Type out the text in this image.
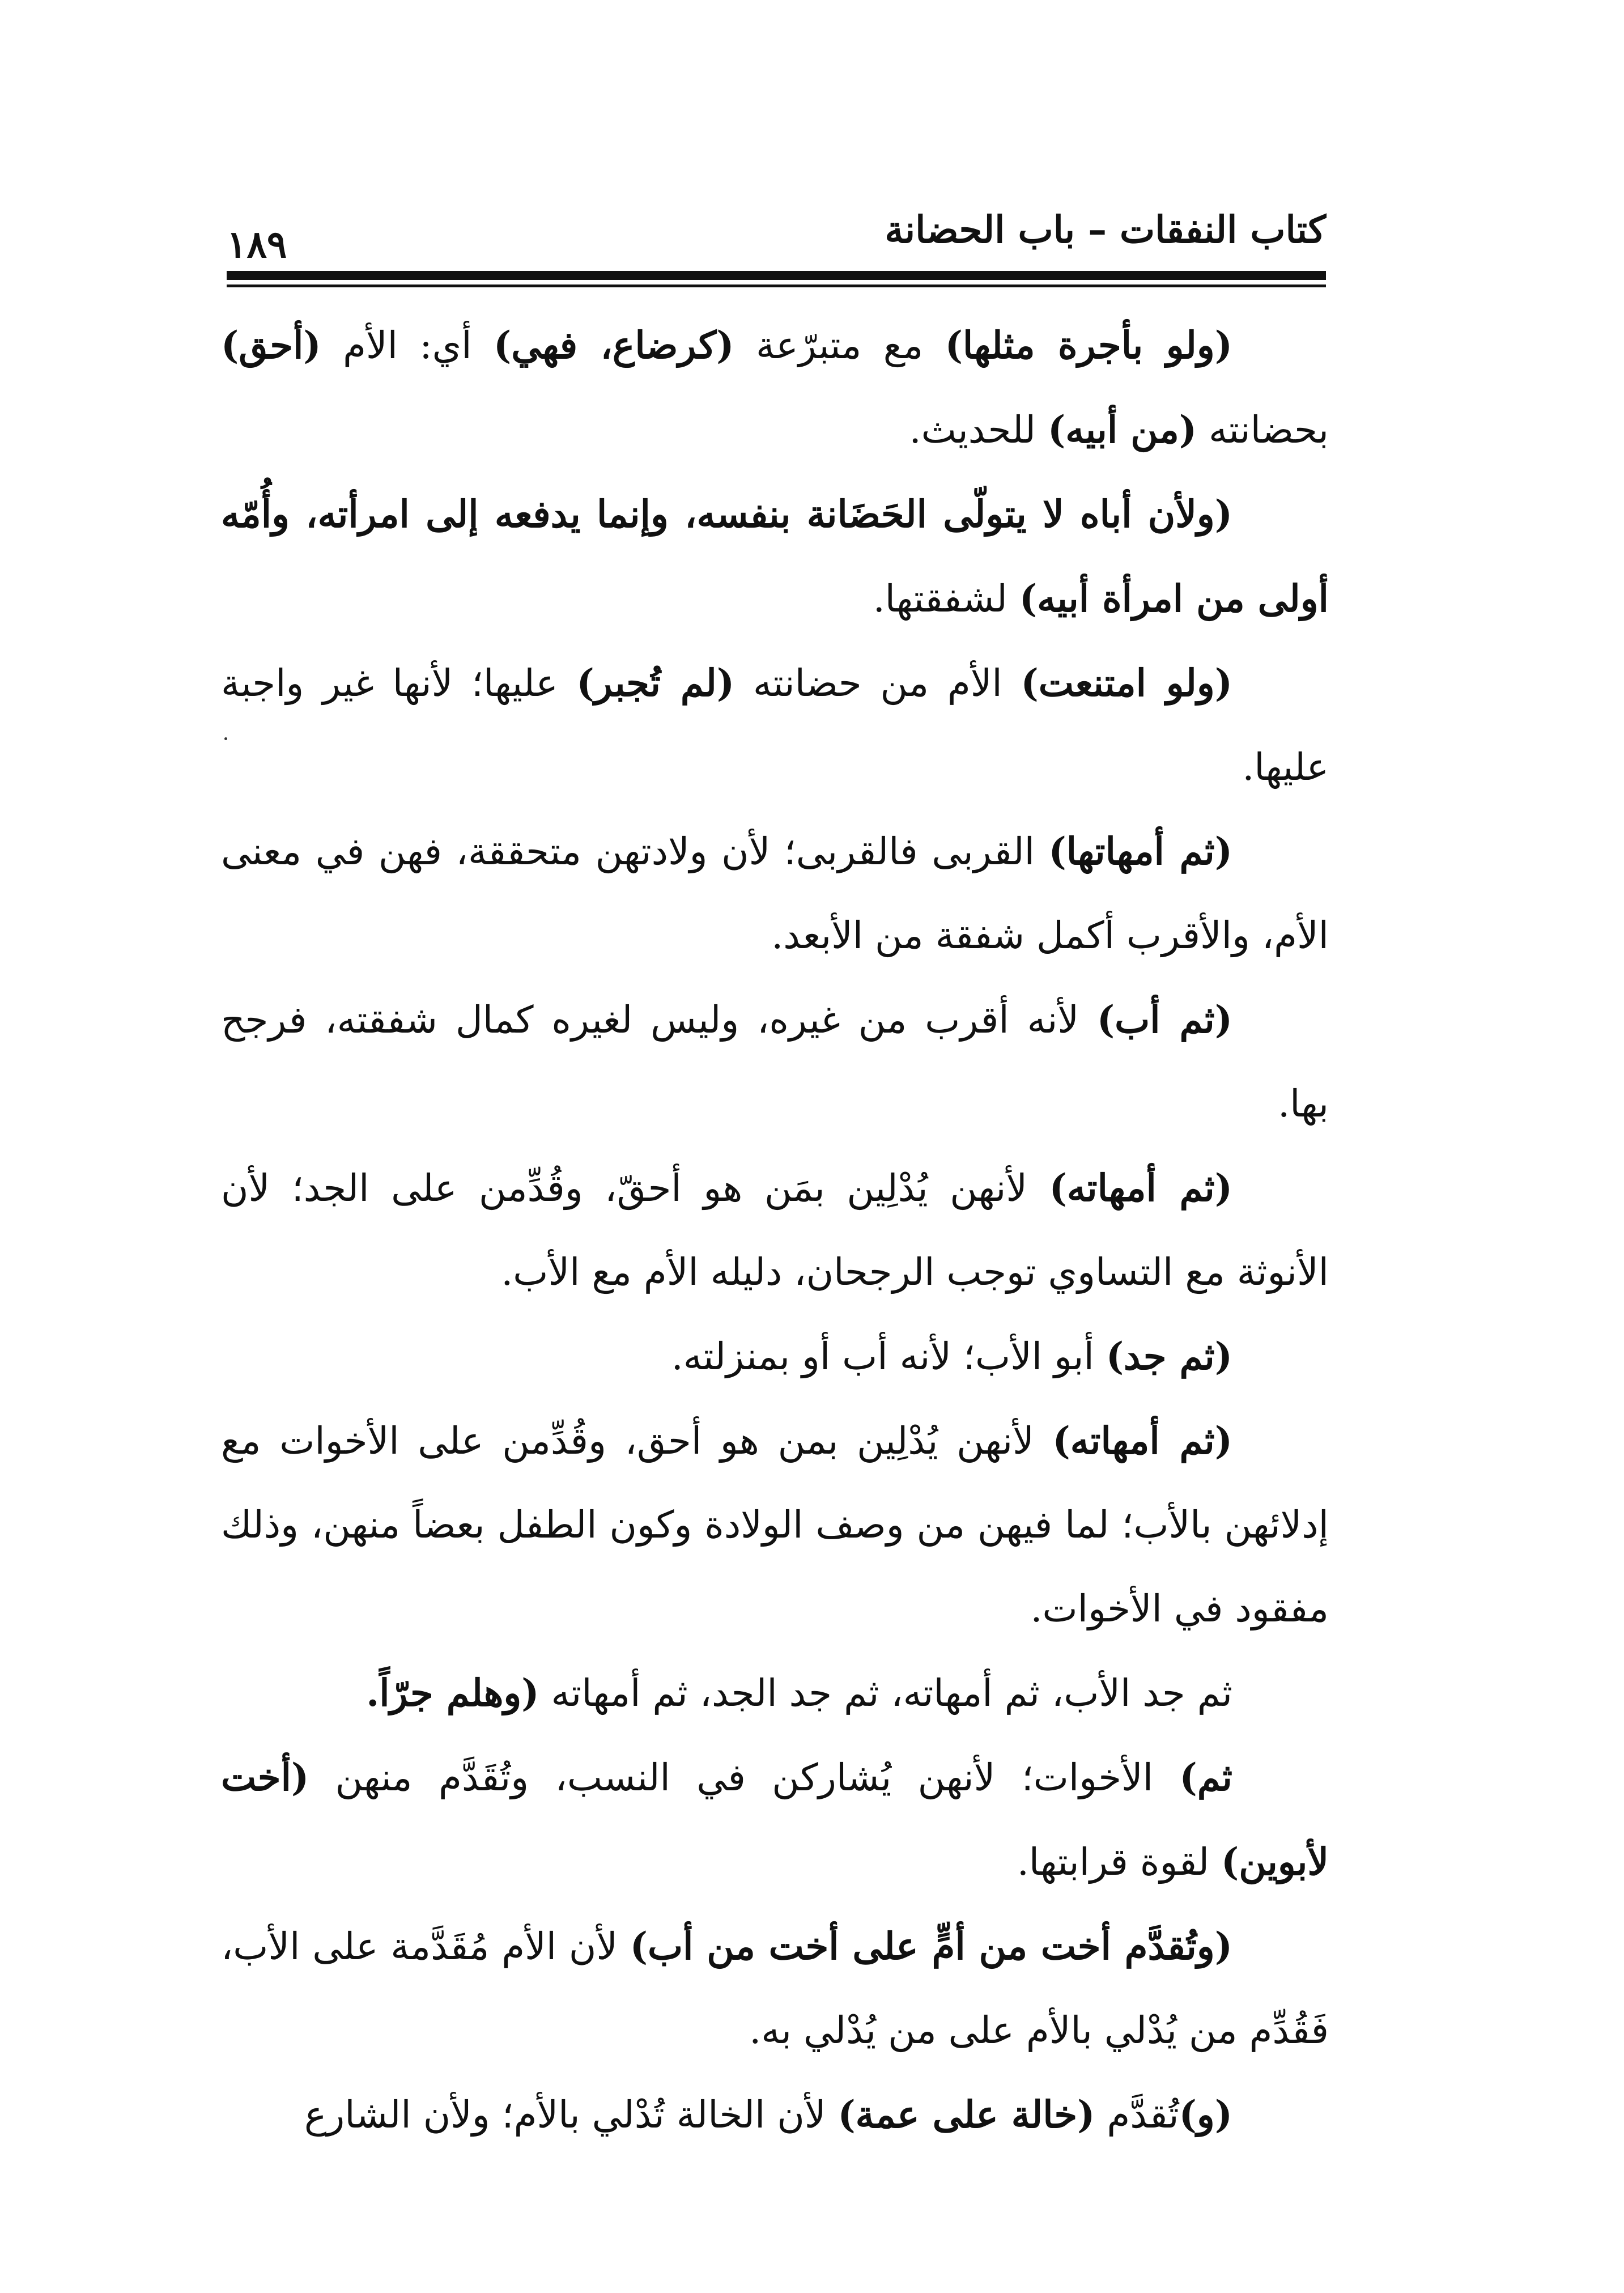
كتاب النفقات – باب الحضانة
١٨٩

(ولو بأجرة مثلها) مع متبرّعة (كرضاع، فهي) أي: الأم (أحق) بحضانته (من أبيه) للحديث.

(ولأن أباه لا يتولّى الحَضَانة بنفسه، وإنما يدفعه إلى امرأته، وأُمّه أولى من امرأة أبيه) لشفقتها.

(ولو امتنعت) الأم من حضانته (لم تُجبر) عليها؛ لأنها غير واجبة عليها.

(ثم أمهاتها) القربى فالقربى؛ لأن ولادتهن متحققة، فهن في معنى الأم، والأقرب أكمل شفقة من الأبعد.

(ثم أب) لأنه أقرب من غيره، وليس لغيره كمال شفقته، فرجح بها.

(ثم أمهاته) لأنهن يُدْلِين بمَن هو أحقّ، وقُدِّمن على الجد؛ لأن الأنوثة مع التساوي توجب الرجحان، دليله الأم مع الأب.

(ثم جد) أبو الأب؛ لأنه أب أو بمنزلته.

(ثم أمهاته) لأنهن يُدْلِين بمن هو أحق، وقُدِّمن على الأخوات مع إدلائهن بالأب؛ لما فيهن من وصف الولادة وكون الطفل بعضاً منهن، وذلك مفقود في الأخوات.

ثم جد الأب، ثم أمهاته، ثم جد الجد، ثم أمهاته (وهلم جرّاً.

ثم) الأخوات؛ لأنهن يُشاركن في النسب، وتُقَدَّم منهن (أخت لأبوين) لقوة قرابتها.

(وتُقدَّم أخت من أمٍّ على أخت من أب) لأن الأم مُقَدَّمة على الأب، فَقُدِّم من يُدْلي بالأم على من يُدْلي به.

(و)تُقدَّم (خالة على عمة) لأن الخالة تُدْلي بالأم؛ ولأن الشارع
